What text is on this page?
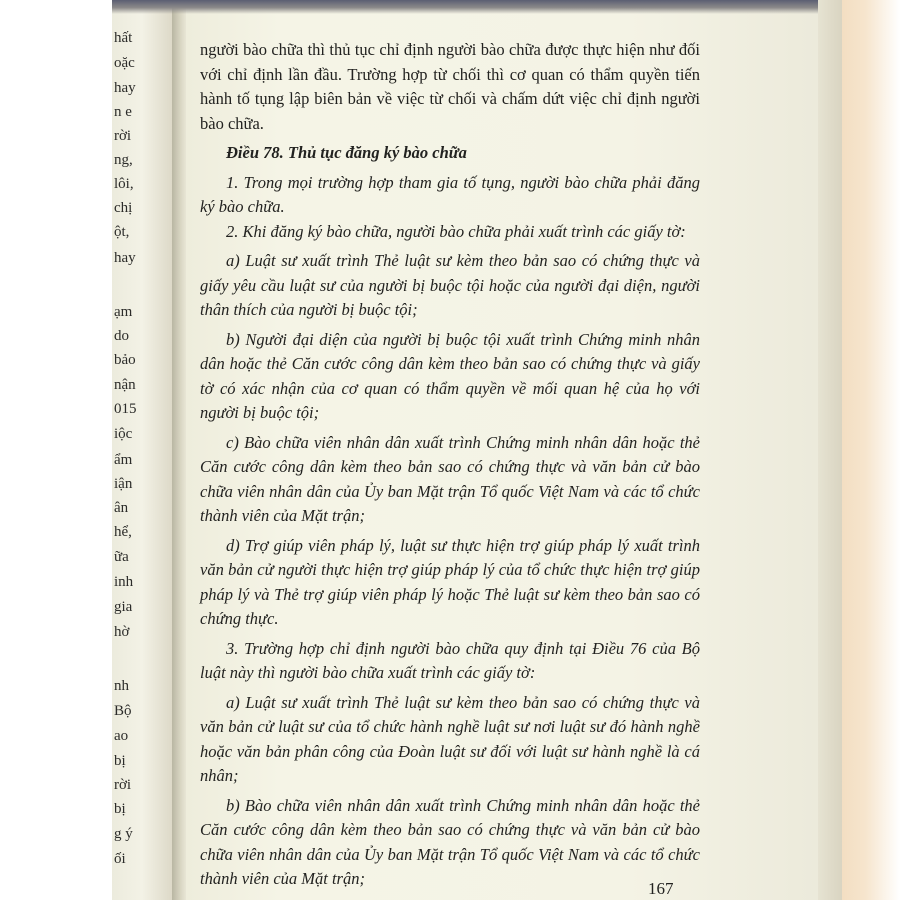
hất
oặc
hay
n e
rời
ng,
lôi,
chị
ột,
hay
ạm
do
bảo
nận
015
iộc
ẩm
iận
ân
hể,
ữa
inh
gia
hờ
nh
Bộ
ao
bị
rời
bị
g ý
ối

người bào chữa thì thủ tục chỉ định người bào chữa được thực hiện như đối với chỉ định lần đầu. Trường hợp từ chối thì cơ quan có thẩm quyền tiến hành tố tụng lập biên bản về việc từ chối và chấm dứt việc chỉ định người bào chữa.

Điều 78. Thủ tục đăng ký bào chữa

1. Trong mọi trường hợp tham gia tố tụng, người bào chữa phải đăng ký bào chữa.

2. Khi đăng ký bào chữa, người bào chữa phải xuất trình các giấy tờ:

a) Luật sư xuất trình Thẻ luật sư kèm theo bản sao có chứng thực và giấy yêu cầu luật sư của người bị buộc tội hoặc của người đại diện, người thân thích của người bị buộc tội;

b) Người đại diện của người bị buộc tội xuất trình Chứng minh nhân dân hoặc thẻ Căn cước công dân kèm theo bản sao có chứng thực và giấy tờ có xác nhận của cơ quan có thẩm quyền về mối quan hệ của họ với người bị buộc tội;

c) Bào chữa viên nhân dân xuất trình Chứng minh nhân dân hoặc thẻ Căn cước công dân kèm theo bản sao có chứng thực và văn bản cử bào chữa viên nhân dân của Ủy ban Mặt trận Tổ quốc Việt Nam và các tổ chức thành viên của Mặt trận;

d) Trợ giúp viên pháp lý, luật sư thực hiện trợ giúp pháp lý xuất trình văn bản cử người thực hiện trợ giúp pháp lý của tổ chức thực hiện trợ giúp pháp lý và Thẻ trợ giúp viên pháp lý hoặc Thẻ luật sư kèm theo bản sao có chứng thực.

3. Trường hợp chỉ định người bào chữa quy định tại Điều 76 của Bộ luật này thì người bào chữa xuất trình các giấy tờ:

a) Luật sư xuất trình Thẻ luật sư kèm theo bản sao có chứng thực và văn bản cử luật sư của tổ chức hành nghề luật sư nơi luật sư đó hành nghề hoặc văn bản phân công của Đoàn luật sư đối với luật sư hành nghề là cá nhân;

b) Bào chữa viên nhân dân xuất trình Chứng minh nhân dân hoặc thẻ Căn cước công dân kèm theo bản sao có chứng thực và văn bản cử bào chữa viên nhân dân của Ủy ban Mặt trận Tổ quốc Việt Nam và các tổ chức thành viên của Mặt trận;

167
